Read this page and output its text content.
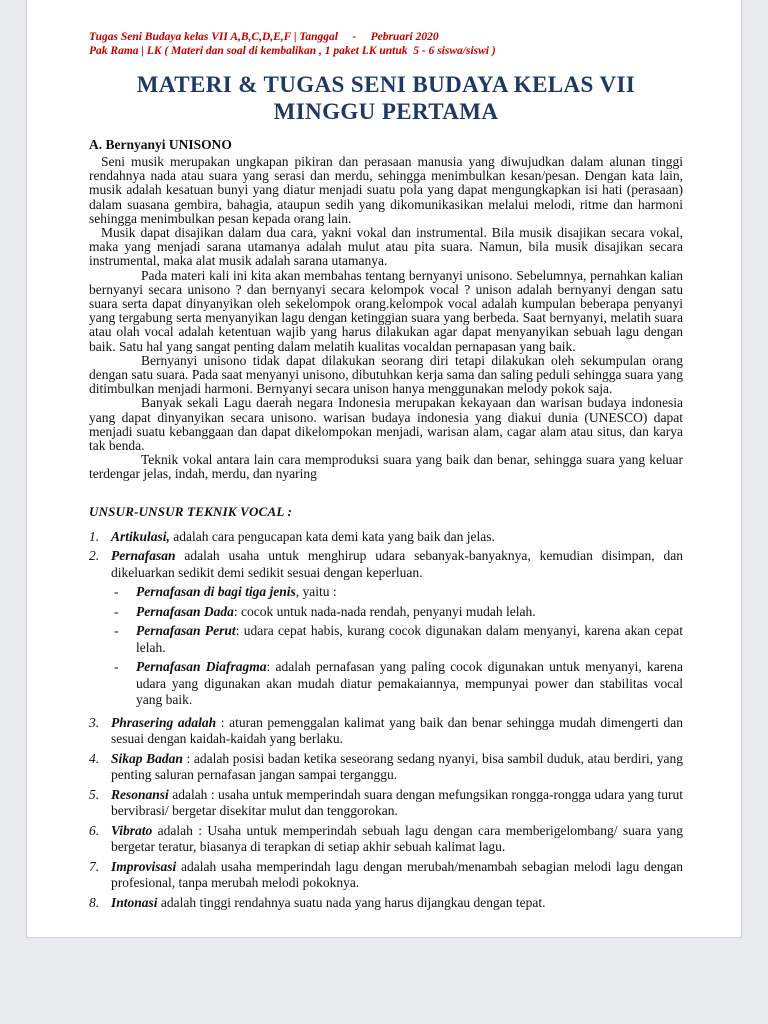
Tugas Seni Budaya kelas VII A,B,C,D,E,F | Tanggal     -     Pebruari 2020
Pak Rama | LK ( Materi dan soal di kembalikan , 1 paket LK untuk  5 - 6 siswa/siswi )
MATERI & TUGAS SENI BUDAYA KELAS VII
MINGGU PERTAMA
A. Bernyanyi UNISONO

Seni musik merupakan ungkapan pikiran dan perasaan manusia yang diwujudkan dalam alunan tinggi rendahnya nada atau suara yang serasi dan merdu, sehingga menimbulkan kesan/pesan. Dengan kata lain, musik adalah kesatuan bunyi yang diatur menjadi suatu pola yang dapat mengungkapkan isi hati (perasaan) dalam suasana gembira, bahagia, ataupun sedih yang dikomunikasikan melalui melodi, ritme dan harmoni sehingga menimbulkan pesan kepada orang lain.

Musik dapat disajikan dalam dua cara, yakni vokal dan instrumental. Bila musik disajikan secara vokal, maka yang menjadi sarana utamanya adalah mulut atau pita suara. Namun, bila musik disajikan secara instrumental, maka alat musik adalah sarana utamanya.

Pada materi kali ini kita akan membahas tentang bernyanyi unisono. Sebelumnya, pernahkan kalian bernyanyi secara unisono ? dan bernyanyi secara kelompok vocal ? unison adalah bernyanyi dengan satu suara serta dapat dinyanyikan oleh sekelompok orang.kelompok vocal adalah kumpulan beberapa penyanyi yang tergabung serta menyanyikan lagu dengan ketinggian suara yang berbeda. Saat bernyanyi, melatih suara atau olah vocal adalah ketentuan wajib yang harus dilakukan agar dapat menyanyikan sebuah lagu dengan baik. Satu hal yang sangat penting dalam melatih kualitas vocaldan pernapasan yang baik.

Bernyanyi unisono tidak dapat dilakukan seorang diri tetapi dilakukan oleh sekumpulan orang dengan satu suara. Pada saat menyanyi unisono, dibutuhkan kerja sama dan saling peduli sehingga suara yang ditimbulkan menjadi harmoni. Bernyanyi secara unison hanya menggunakan melody pokok saja.

Banyak sekali Lagu daerah negara Indonesia merupakan kekayaan dan warisan budaya indonesia yang dapat dinyanyikan secara unisono. warisan budaya indonesia yang diakui dunia (UNESCO) dapat menjadi suatu kebanggaan dan dapat dikelompokan menjadi, warisan alam, cagar alam atau situs, dan karya tak benda.

Teknik vokal antara lain cara memproduksi suara yang baik dan benar, sehingga suara yang keluar terdengar jelas, indah, merdu, dan nyaring

UNSUR-UNSUR TEKNIK VOCAL :
1. Artikulasi, adalah cara pengucapan kata demi kata yang baik dan jelas.
2. Pernafasan adalah usaha untuk menghirup udara sebanyak-banyaknya, kemudian disimpan, dan dikeluarkan sedikit demi sedikit sesuai dengan keperluan.
-	Pernafasan di bagi tiga jenis, yaitu :
-	Pernafasan Dada: cocok untuk nada-nada rendah, penyanyi mudah lelah.
-	Pernafasan Perut: udara cepat habis, kurang cocok digunakan dalam menyanyi, karena akan cepat lelah.
-	Pernafasan Diafragma: adalah pernafasan yang paling cocok digunakan untuk menyanyi, karena udara yang digunakan akan mudah diatur pemakaiannya, mempunyai power dan stabilitas vocal yang baik.
3. Phrasering adalah : aturan pemenggalan kalimat yang baik dan benar sehingga mudah dimengerti dan sesuai dengan kaidah-kaidah yang berlaku.
4. Sikap Badan : adalah posisi badan ketika seseorang sedang nyanyi, bisa sambil duduk, atau berdiri, yang penting saluran pernafasan jangan sampai terganggu.
5. Resonansi adalah : usaha untuk memperindah suara dengan mefungsikan rongga-rongga udara yang turut bervibrasi/ bergetar disekitar mulut dan tenggorokan.
6. Vibrato adalah : Usaha untuk memperindah sebuah lagu dengan cara memberigelombang/ suara yang bergetar teratur, biasanya di terapkan di setiap akhir sebuah kalimat lagu.
7. Improvisasi adalah usaha memperindah lagu dengan merubah/menambah sebagian melodi lagu dengan profesional, tanpa merubah melodi pokoknya.
8. Intonasi adalah tinggi rendahnya suatu nada yang harus dijangkau dengan tepat.
